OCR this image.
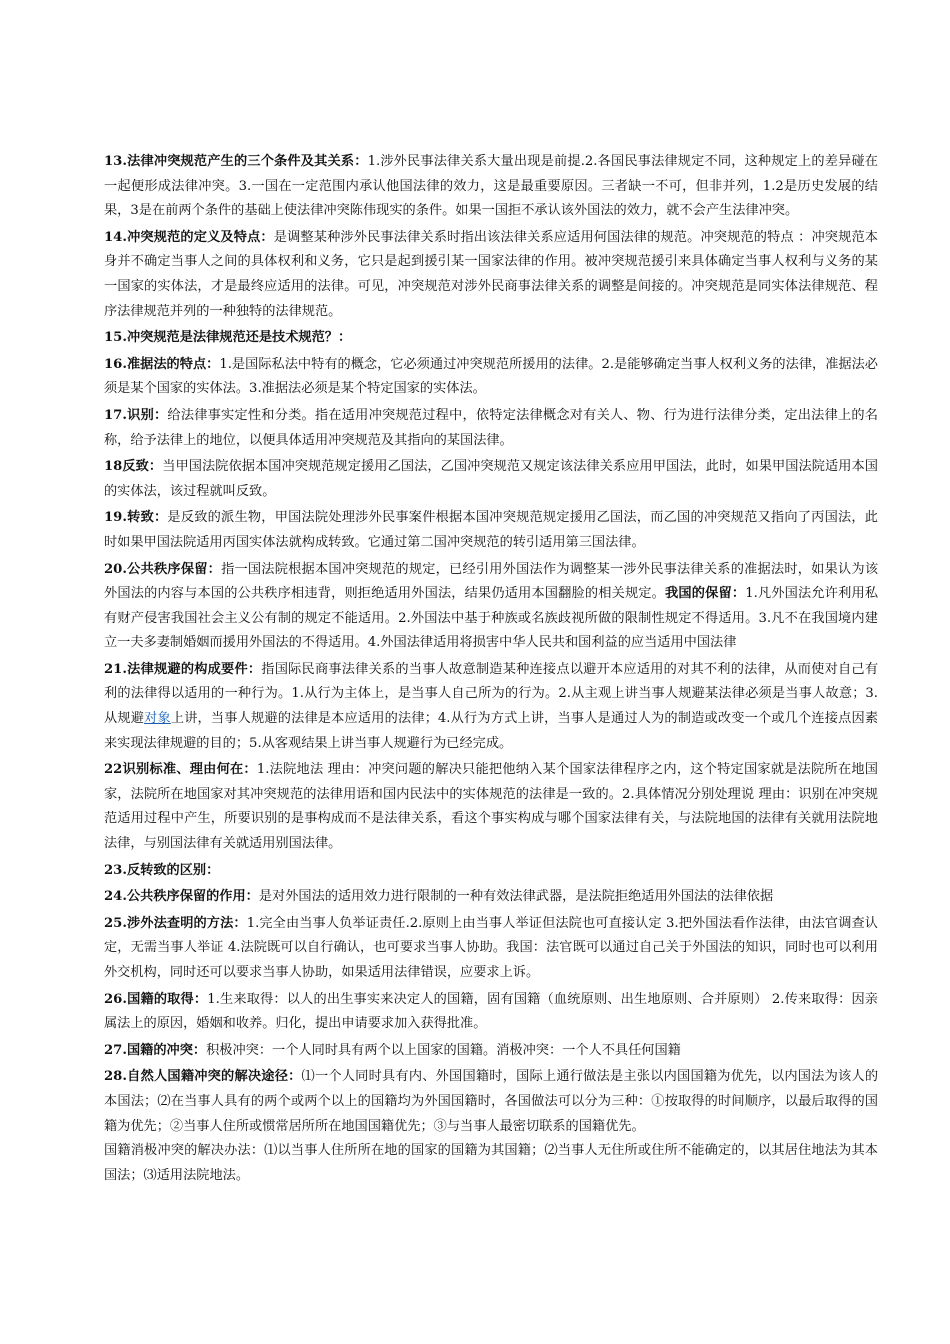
13.法律冲突规范产生的三个条件及其关系：1.涉外民事法律关系大量出现是前提.2.各国民事法律规定不同，这种规定上的差异碰在一起便形成法律冲突。3.一国在一定范围内承认他国法律的效力，这是最重要原因。三者缺一不可，但非并列，1.2是历史发展的结果，3是在前两个条件的基础上使法律冲突陈伟现实的条件。如果一国拒不承认该外国法的效力，就不会产生法律冲突。

14.冲突规范的定义及特点：是调整某种涉外民事法律关系时指出该法律关系应适用何国法律的规范。冲突规范的特点 ：冲突规范本身并不确定当事人之间的具体权利和义务，它只是起到援引某一国家法律的作用。被冲突规范援引来具体确定当事人权利与义务的某一国家的实体法，才是最终应适用的法律。可见，冲突规范对涉外民商事法律关系的调整是间接的。冲突规范是同实体法律规范、程序法律规范并列的一种独特的法律规范。

15.冲突规范是法律规范还是技术规范？：

16.准据法的特点：1.是国际私法中特有的概念，它必须通过冲突规范所援用的法律。2.是能够确定当事人权利义务的法律，准据法必须是某个国家的实体法。3.准据法必须是某个特定国家的实体法。

17.识别：给法律事实定性和分类。指在适用冲突规范过程中，依特定法律概念对有关人、物、行为进行法律分类，定出法律上的名称，给予法律上的地位，以便具体适用冲突规范及其指向的某国法律。

18反致：当甲国法院依据本国冲突规范规定援用乙国法，乙国冲突规范又规定该法律关系应用甲国法，此时，如果甲国法院适用本国的实体法，该过程就叫反致。

19.转致：是反致的派生物，甲国法院处理涉外民事案件根据本国冲突规范规定援用乙国法，而乙国的冲突规范又指向了丙国法，此时如果甲国法院适用丙国实体法就构成转致。它通过第二国冲突规范的转引适用第三国法律。

20.公共秩序保留：指一国法院根据本国冲突规范的规定，已经引用外国法作为调整某一涉外民事法律关系的准据法时，如果认为该外国法的内容与本国的公共秩序相违背，则拒绝适用外国法，结果仍适用本国翻脸的相关规定。我国的保留：1.凡外国法允许利用私有财产侵害我国社会主义公有制的规定不能适用。2.外国法中基于种族或名族歧视所做的限制性规定不得适用。3.凡不在我国境内建立一夫多妻制婚姻而援用外国法的不得适用。4.外国法律适用将损害中华人民共和国利益的应当适用中国法律

21.法律规避的构成要件：指国际民商事法律关系的当事人故意制造某种连接点以避开本应适用的对其不利的法律，从而使对自己有利的法律得以适用的一种行为。1.从行为主体上，是当事人自己所为的行为。2.从主观上讲当事人规避某法律必须是当事人故意；3.从规避对象上讲，当事人规避的法律是本应适用的法律；4.从行为方式上讲，当事人是通过人为的制造或改变一个或几个连接点因素来实现法律规避的目的；5.从客观结果上讲当事人规避行为已经完成。

22识别标准、理由何在：1.法院地法 理由：冲突问题的解决只能把他纳入某个国家法律程序之内，这个特定国家就是法院所在地国家，法院所在地国家对其冲突规范的法律用语和国内民法中的实体规范的法律是一致的。2.具体情况分别处理说 理由：识别在冲突规范适用过程中产生，所要识别的是事构成而不是法律关系，看这个事实构成与哪个国家法律有关，与法院地国的法律有关就用法院地法律，与别国法律有关就适用别国法律。

23.反转致的区别：

24.公共秩序保留的作用：是对外国法的适用效力进行限制的一种有效法律武器，是法院拒绝适用外国法的法律依据

25.涉外法查明的方法：1.完全由当事人负举证责任.2.原则上由当事人举证但法院也可直接认定 3.把外国法看作法律，由法官调查认定，无需当事人举证 4.法院既可以自行确认，也可要求当事人协助。我国：法官既可以通过自己关于外国法的知识，同时也可以利用外交机构，同时还可以要求当事人协助，如果适用法律错误，应要求上诉。

26.国籍的取得：1.生来取得：以人的出生事实来决定人的国籍，固有国籍（血统原则、出生地原则、合并原则） 2.传来取得：因亲属法上的原因，婚姻和收养。归化，提出申请要求加入获得批准。

27.国籍的冲突：积极冲突：一个人同时具有两个以上国家的国籍。消极冲突：一个人不具任何国籍

28.自然人国籍冲突的解决途径：⑴一个人同时具有内、外国国籍时，国际上通行做法是主张以内国国籍为优先，以内国法为该人的本国法；⑵在当事人具有的两个或两个以上的国籍均为外国国籍时，各国做法可以分为三种：①按取得的时间顺序，以最后取得的国籍为优先；②当事人住所或惯常居所所在地国国籍优先；③与当事人最密切联系的国籍优先。

国籍消极冲突的解决办法：⑴以当事人住所所在地的国家的国籍为其国籍；⑵当事人无住所或住所不能确定的，以其居住地法为其本国法；⑶适用法院地法。
